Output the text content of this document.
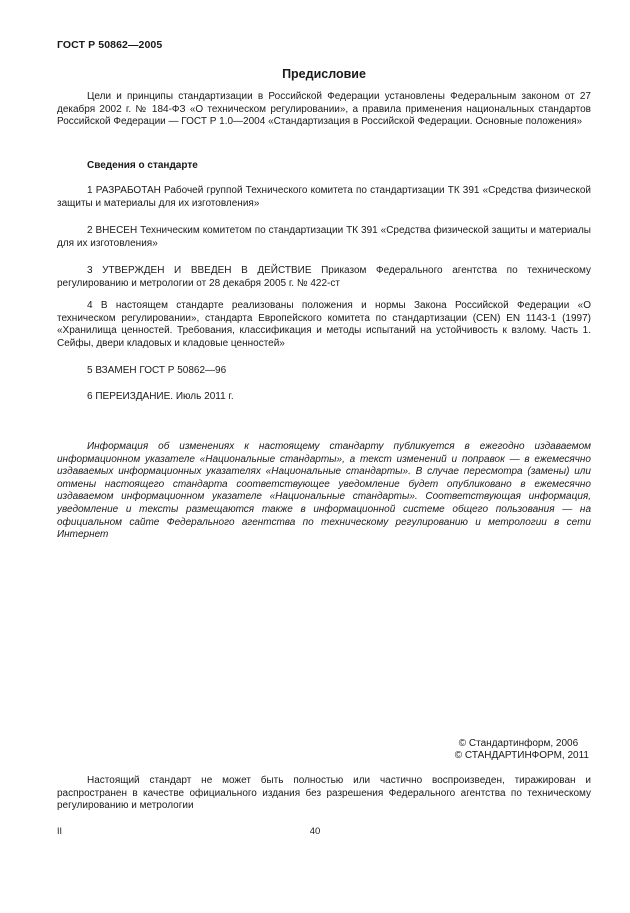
ГОСТ Р 50862—2005
Предисловие

Цели и принципы стандартизации в Российской Федерации установлены Федеральным законом от 27 декабря 2002 г. № 184-ФЗ «О техническом регулировании», а правила применения национальных стандартов Российской Федерации — ГОСТ Р 1.0—2004 «Стандартизация в Российской Федерации. Основные положения»

Сведения о стандарте

1 РАЗРАБОТАН Рабочей группой Технического комитета по стандартизации ТК 391 «Средства физической защиты и материалы для их изготовления»

2 ВНЕСЕН Техническим комитетом по стандартизации ТК 391 «Средства физической защиты и материалы для их изготовления»

3 УТВЕРЖДЕН И ВВЕДЕН В ДЕЙСТВИЕ Приказом Федерального агентства по техническому регулированию и метрологии от 28 декабря 2005 г. № 422-ст

4 В настоящем стандарте реализованы положения и нормы Закона Российской Федерации «О техническом регулировании», стандарта Европейского комитета по стандартизации (CEN) EN 1143-1 (1997) «Хранилища ценностей. Требования, классификация и методы испытаний на устойчивость к взлому. Часть 1. Сейфы, двери кладовых и кладовые ценностей»

5 ВЗАМЕН ГОСТ Р 50862—96

6 ПЕРЕИЗДАНИЕ. Июль 2011 г.

Информация об изменениях к настоящему стандарту публикуется в ежегодно издаваемом информационном указателе «Национальные стандарты», а текст изменений и поправок — в ежемесячно издаваемых информационных указателях «Национальные стандарты». В случае пересмотра (замены) или отмены настоящего стандарта соответствующее уведомление будет опубликовано в ежемесячно издаваемом информационном указателе «Национальные стандарты». Соответствующая информация, уведомление и тексты размещаются также в информационной системе общего пользования — на официальном сайте Федерального агентства по техническому регулированию и метрологии в сети Интернет

© Стандартинформ, 2006
© СТАНДАРТИНФОРМ, 2011

Настоящий стандарт не может быть полностью или частично воспроизведен, тиражирован и распространен в качестве официального издания без разрешения Федерального агентства по техническому регулированию и метрологии

II	40
